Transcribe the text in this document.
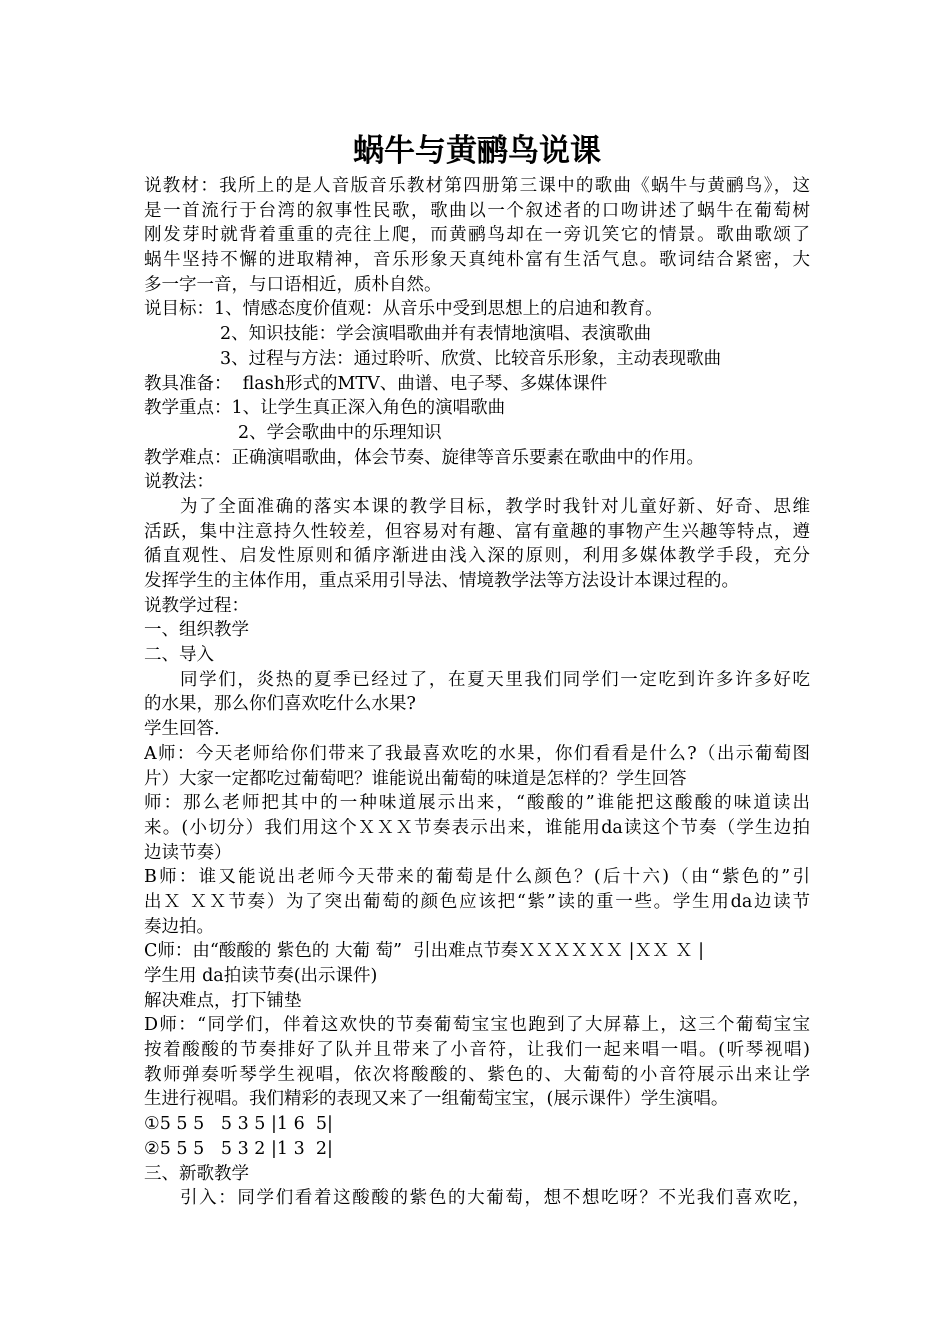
蜗牛与黄鹂鸟说课
说教材：我所上的是人音版音乐教材第四册第三课中的歌曲《蜗牛与黄鹂鸟》，这
是一首流行于台湾的叙事性民歌，歌曲以一个叙述者的口吻讲述了蜗牛在葡萄树
刚发芽时就背着重重的壳往上爬，而黄鹂鸟却在一旁讥笑它的情景。歌曲歌颂了
蜗牛坚持不懈的进取精神，音乐形象天真纯朴富有生活气息。歌词结合紧密，大
多一字一音，与口语相近，质朴自然。
说目标：1、情感态度价值观：从音乐中受到思想上的启迪和教育。
2、知识技能：学会演唱歌曲并有表情地演唱、表演歌曲
3、过程与方法：通过聆听、欣赏、比较音乐形象，主动表现歌曲
教具准备：  flash形式的MTV、曲谱、电子琴、多媒体课件
教学重点：1、让学生真正深入角色的演唱歌曲
2、学会歌曲中的乐理知识
教学难点：正确演唱歌曲，体会节奏、旋律等音乐要素在歌曲中的作用。
说教法：
为了全面准确的落实本课的教学目标，教学时我针对儿童好新、好奇、思维
活跃，集中注意持久性较差，但容易对有趣、富有童趣的事物产生兴趣等特点，遵
循直观性、启发性原则和循序渐进由浅入深的原则，利用多媒体教学手段，充分
发挥学生的主体作用，重点采用引导法、情境教学法等方法设计本课过程的。
说教学过程：
一、组织教学
二、导入
同学们，炎热的夏季已经过了，在夏天里我们同学们一定吃到许多许多好吃
的水果，那么你们喜欢吃什么水果?
学生回答.
A师：今天老师给你们带来了我最喜欢吃的水果，你们看看是什么?（出示葡萄图
片）大家一定都吃过葡萄吧？谁能说出葡萄的味道是怎样的？学生回答
师：那么老师把其中的一种味道展示出来，“酸酸的”谁能把这酸酸的味道读出
来。(小切分）我们用这个ＸＸＸ节奏表示出来，谁能用da读这个节奏（学生边拍
边读节奏）
B师：谁又能说出老师今天带来的葡萄是什么颜色？(后十六)（由“紫色的”引
出Ｘ ＸＸ节奏）为了突出葡萄的颜色应该把“紫”读的重一些。学生用da边读节
奏边拍。
C师：由“酸酸的 紫色的 大葡 萄”  引出难点节奏ＸＸＸＸＸＸ |ＸＸ Ｘ |
学生用 da拍读节奏(出示课件)
解决难点，打下铺垫
D师：“同学们，伴着这欢快的节奏葡萄宝宝也跑到了大屏幕上，这三个葡萄宝宝
按着酸酸的节奏排好了队并且带来了小音符，让我们一起来唱一唱。(听琴视唱)
教师弹奏听琴学生视唱，依次将酸酸的、紫色的、大葡萄的小音符展示出来让学
生进行视唱。我们精彩的表现又来了一组葡萄宝宝，(展示课件）学生演唱。
①5 5 5   5 3 5 |1 6  5|
②5 5 5   5 3 2 |1 3  2|
三、新歌教学
引入：同学们看着这酸酸的紫色的大葡萄，想不想吃呀？不光我们喜欢吃，
